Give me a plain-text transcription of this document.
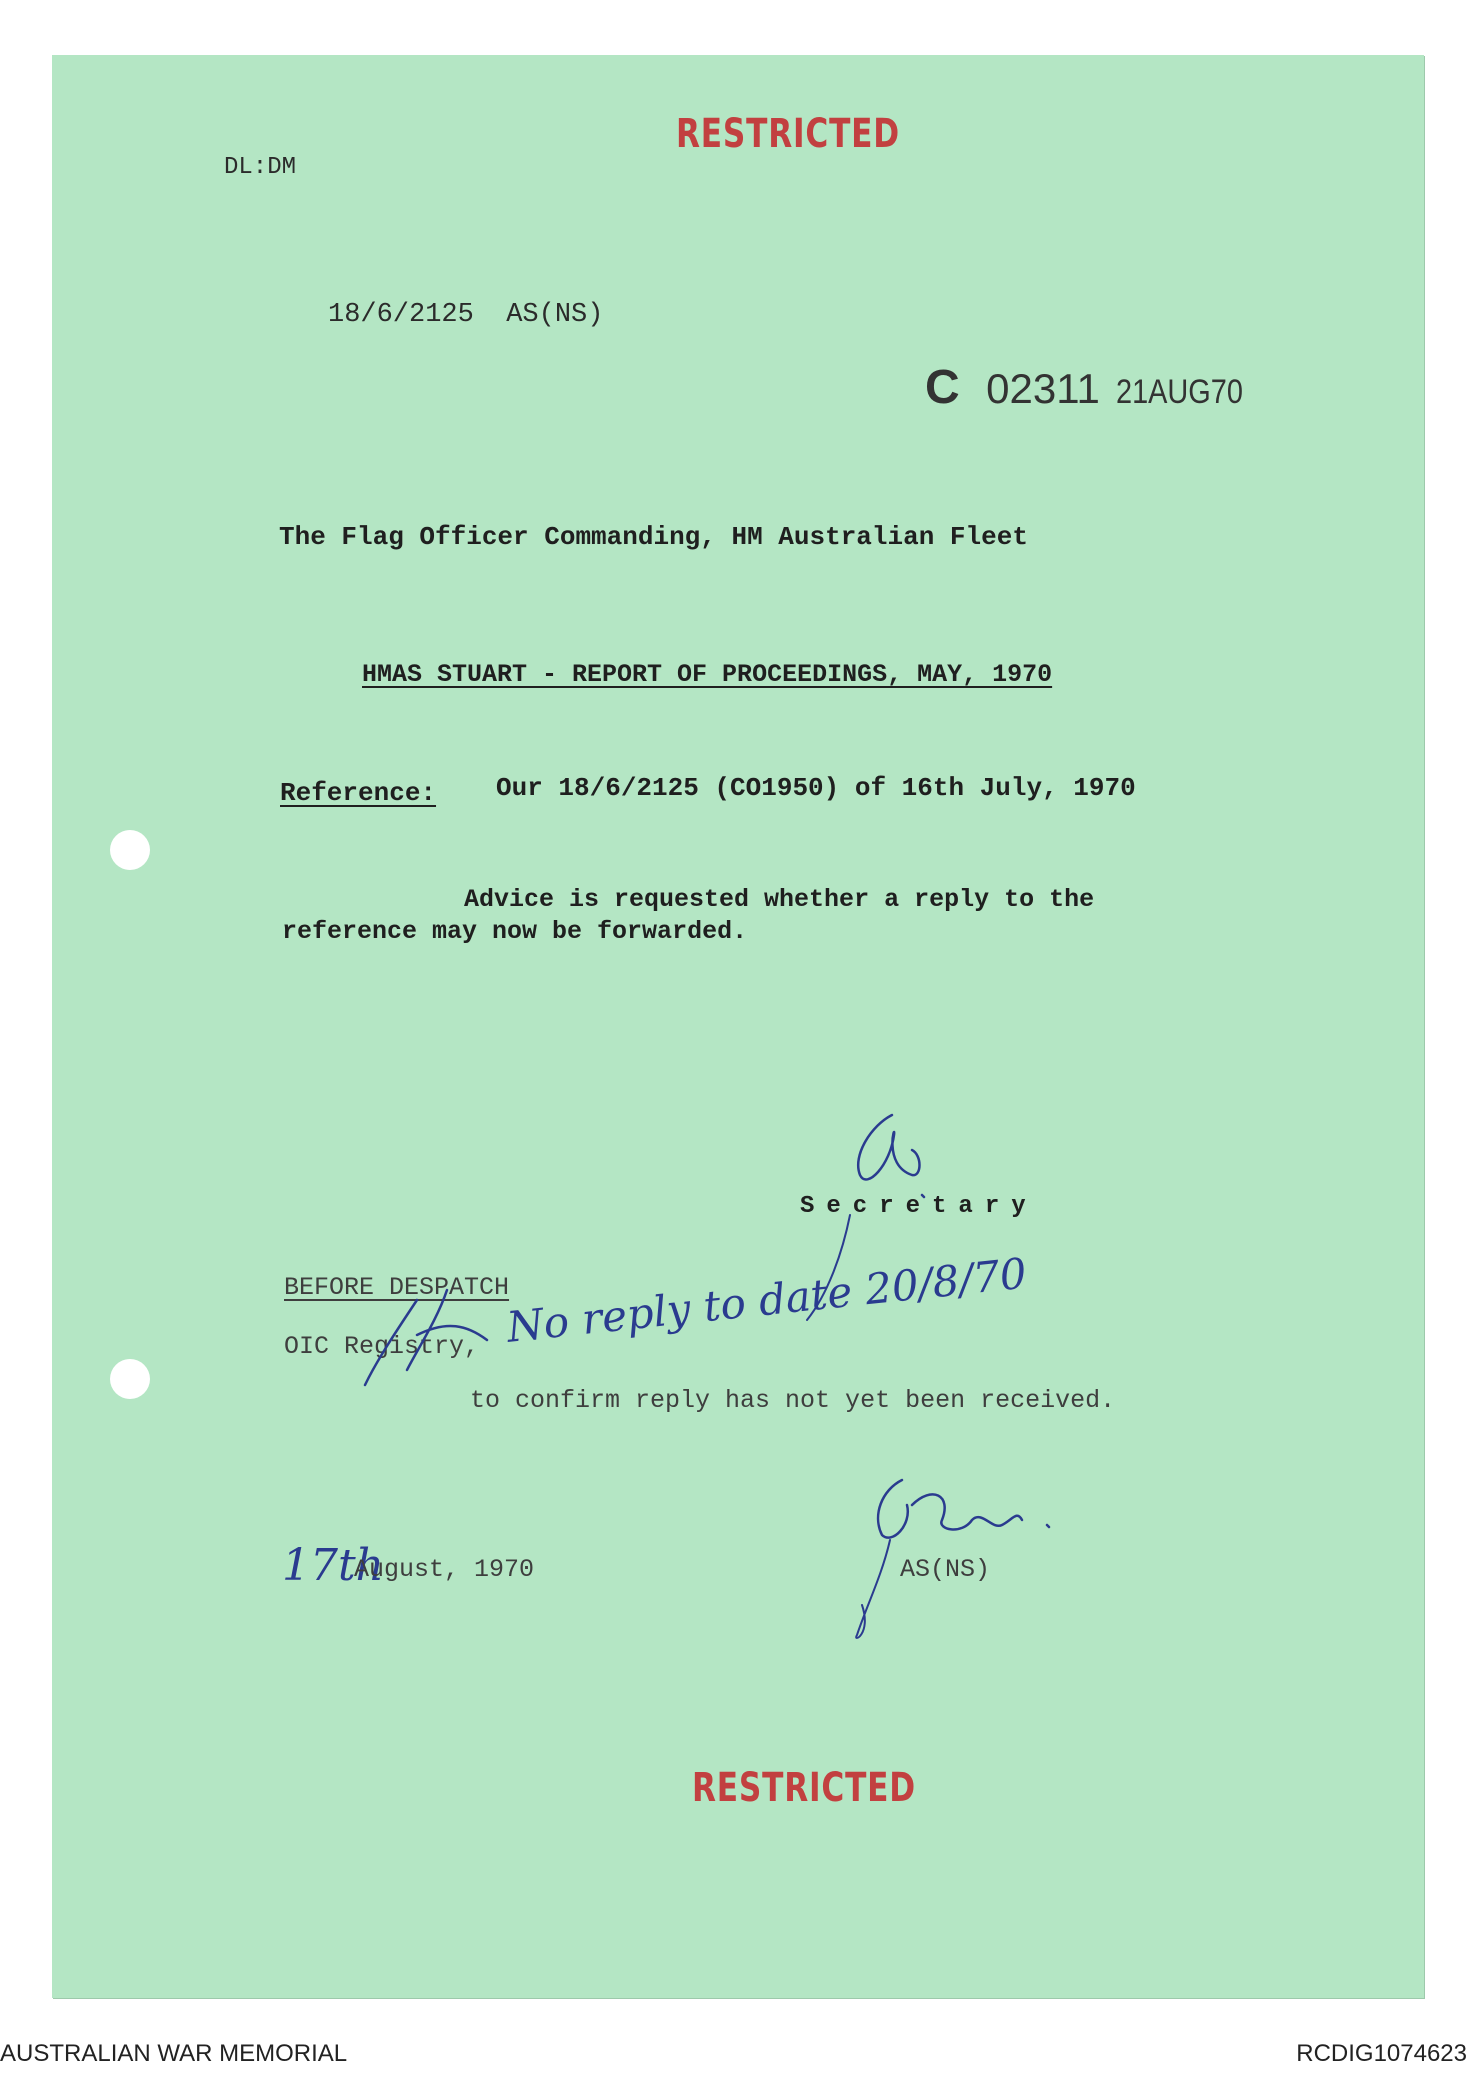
RESTRICTED
DL:DM
18/6/2125  AS(NS)
C 02311 21AUG70
The Flag Officer Commanding, HM Australian Fleet
HMAS STUART - REPORT OF PROCEEDINGS, MAY, 1970
Reference: Our 18/6/2125 (CO1950) of 16th July, 1970
Advice is requested whether a reply to the
reference may now be forwarded.
Secretary
BEFORE DESPATCH
OIC Registry,
to confirm reply has not yet been received.
No reply to date 20/8/70
17th
August, 1970	AS(NS)
RESTRICTED
AUSTRALIAN WAR MEMORIAL	RCDIG1074623
